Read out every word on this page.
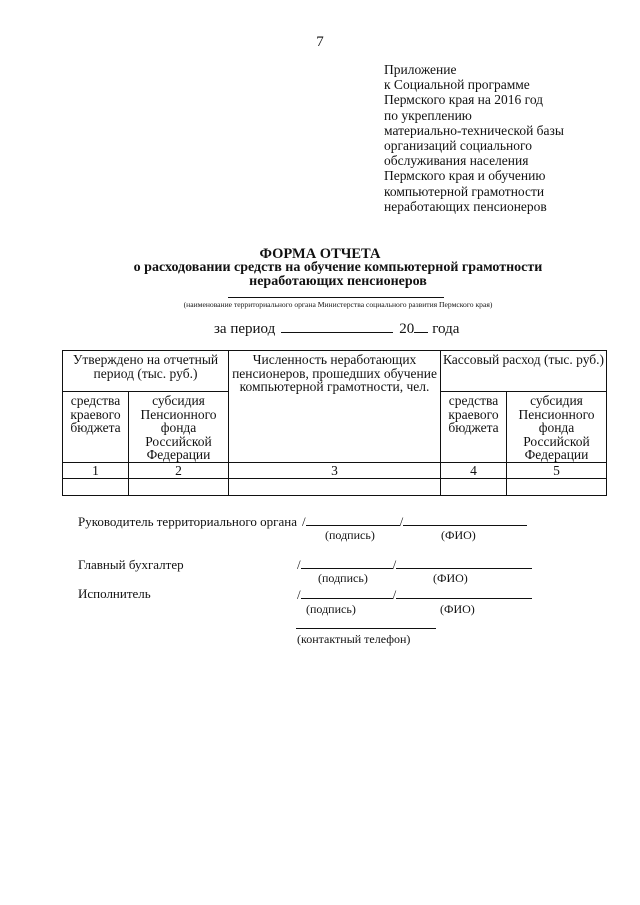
7
Приложение
к Социальной программе
Пермского края на 2016 год
по укреплению
материально-технической базы
организаций социального
обслуживания населения
Пермского края и обучению
компьютерной грамотности
неработающих пенсионеров
ФОРМА ОТЧЕТА
о расходовании средств на обучение компьютерной грамотности
неработающих пенсионеров
(наименование территориального органа Министерства социального развития Пермского края)
за период	20 года
Утверждено на отчетный период (тыс. руб.)		Численность неработающих пенсионеров, прошедших обучение компьютерной грамотности, чел.	Кассовый расход (тыс. руб.)	
средства краевого бюджета	субсидия Пенсионного фонда Российской Федерации		средства краевого бюджета	субсидия Пенсионного фонда Российской Федерации
1	2	3	4	5

Руководитель территориального органа /	/
(подпись)	(ФИО)
Главный бухгалтер	/	/
(подпись)	(ФИО)
Исполнитель	/	/
(подпись)	(ФИО)
(контактный телефон)
